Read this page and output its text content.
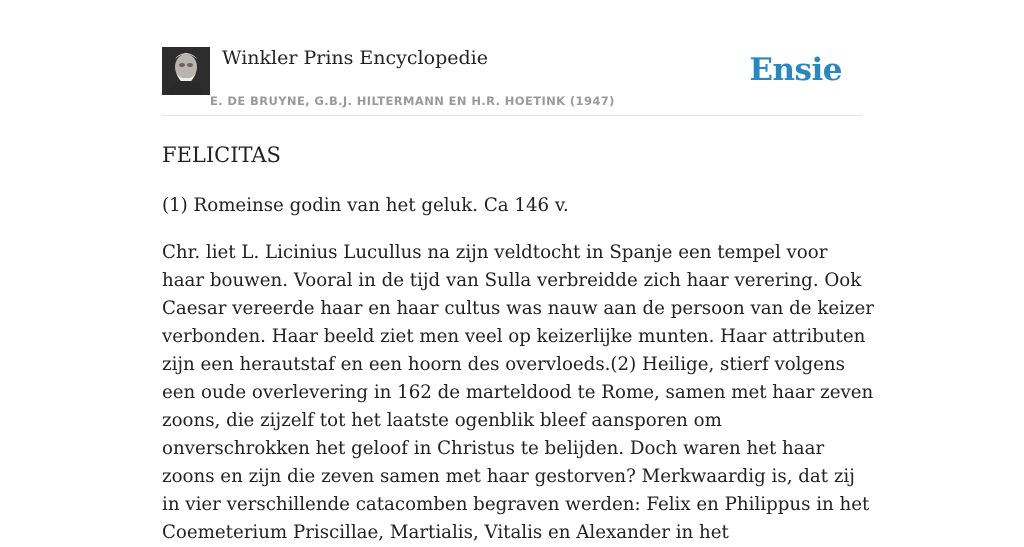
Winkler Prins Encyclopedie
E. DE BRUYNE, G.B.J. HILTERMANN EN H.R. HOETINK (1947)
Ensie
FELICITAS

(1) Romeinse godin van het geluk. Ca 146 v.

Chr. liet L. Licinius Lucullus na zijn veldtocht in Spanje een tempel voor haar bouwen. Vooral in de tijd van Sulla verbreidde zich haar verering. Ook Caesar vereerde haar en haar cultus was nauw aan de persoon van de keizer verbonden. Haar beeld ziet men veel op keizerlijke munten. Haar attributen zijn een herautstaf en een hoorn des overvloeds.(2) Heilige, stierf volgens een oude overlevering in 162 de marteldood te Rome, samen met haar zeven zoons, die zijzelf tot het laatste ogenblik bleef aansporen om onverschrokken het geloof in Christus te belijden. Doch waren het haar zoons en zijn die zeven samen met haar gestorven? Merkwaardig is, dat zij in vier verschillende catacomben begraven werden: Felix en Philippus in het Coemeterium Priscillae, Martialis, Vitalis en Alexander in het
